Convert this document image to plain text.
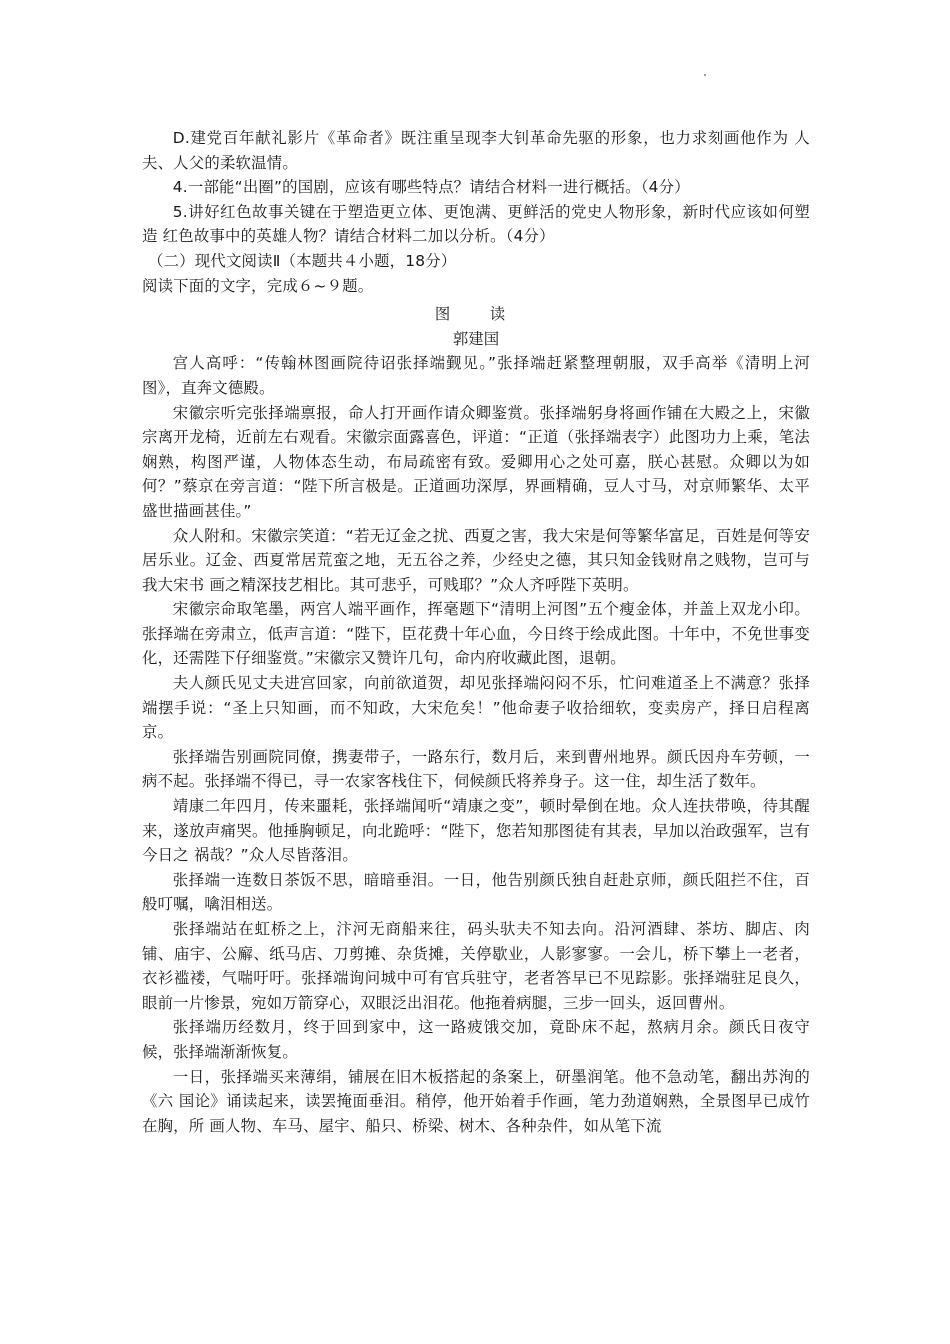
D.建党百年献礼影片《革命者》既注重呈现李大钊革命先驱的形象，也力求刻画他作为 人夫、人父的柔软温情。

4.一部能“出圈”的国剧，应该有哪些特点？请结合材料一进行概括。（4分）

5.讲好红色故事关键在于塑造更立体、更饱满、更鲜活的党史人物形象，新时代应该如何塑造 红色故事中的英雄人物？请结合材料二加以分析。（4分）

（二）现代文阅读Ⅱ（本题共４小题，18分）

阅读下面的文字，完成６~９题。

图　读

郭建国

宫人高呼：“传翰林图画院待诏张择端觐见。”张择端赶紧整理朝服，双手高举《清明上河图》，直奔文德殿。

宋徽宗听完张择端禀报，命人打开画作请众卿鉴赏。张择端躬身将画作铺在大殿之上，宋徽宗离开龙椅，近前左右观看。宋徽宗面露喜色，评道：“正道（张择端表字）此图功力上乘，笔法娴熟，构图严谨，人物体态生动，布局疏密有致。爱卿用心之处可嘉，朕心甚慰。众卿以为如何？”蔡京在旁言道：“陛下所言极是。正道画功深厚，界画精确，豆人寸马，对京师繁华、太平盛世描画甚佳。”

众人附和。宋徽宗笑道：“若无辽金之扰、西夏之害，我大宋是何等繁华富足，百姓是何等安居乐业。辽金、西夏常居荒蛮之地，无五谷之养，少经史之德，其只知金钱财帛之贱物，岂可与我大宋书 画之精深技艺相比。其可悲乎，可贱耶？”众人齐呼陛下英明。

宋徽宗命取笔墨，两宫人端平画作，挥毫题下“清明上河图”五个瘦金体，并盖上双龙小印。张择端在旁肃立，低声言道：“陛下，臣花费十年心血，今日终于绘成此图。十年中，不免世事变化，还需陛下仔细鉴赏。”宋徽宗又赞许几句，命内府收藏此图，退朝。

夫人颜氏见丈夫进宫回家，向前欲道贺，却见张择端闷闷不乐，忙问难道圣上不满意？张择端摆手说：“圣上只知画，而不知政，大宋危矣！”他命妻子收拾细软，变卖房产，择日启程离京。

张择端告别画院同僚，携妻带子，一路东行，数月后，来到曹州地界。颜氏因舟车劳顿，一病不起。张择端不得已，寻一农家客栈住下，伺候颜氏将养身子。这一住，却生活了数年。

靖康二年四月，传来噩耗，张择端闻听“靖康之变”，顿时晕倒在地。众人连扶带唤，待其醒来，遂放声痛哭。他捶胸顿足，向北跪呼：“陛下，您若知那图徒有其表，早加以治政强军，岂有今日之 祸哉？”众人尽皆落泪。

张择端一连数日茶饭不思，暗暗垂泪。一日，他告别颜氏独自赶赴京师，颜氏阻拦不住，百般叮嘱，噙泪相送。

张择端站在虹桥之上，汴河无商船来往，码头驮夫不知去向。沿河酒肆、茶坊、脚店、肉铺、庙宇、公廨、纸马店、刀剪摊、杂货摊，关停歇业，人影寥寥。一会儿，桥下攀上一老者，衣衫褴褛，气喘吁吁。张择端询问城中可有官兵驻守，老者答早已不见踪影。张择端驻足良久，眼前一片惨景，宛如万箭穿心，双眼泛出泪花。他拖着病腿，三步一回头，返回曹州。

张择端历经数月，终于回到家中，这一路疲饿交加，竟卧床不起，熬病月余。颜氏日夜守候，张择端渐渐恢复。

一日，张择端买来薄绢，铺展在旧木板搭起的条案上，研墨润笔。他不急动笔，翻出苏洵的《六 国论》诵读起来，读罢掩面垂泪。稍停，他开始着手作画，笔力劲道娴熟，全景图早已成竹在胸，所 画人物、车马、屋宇、船只、桥梁、树木、各种杂件，如从笔下流
